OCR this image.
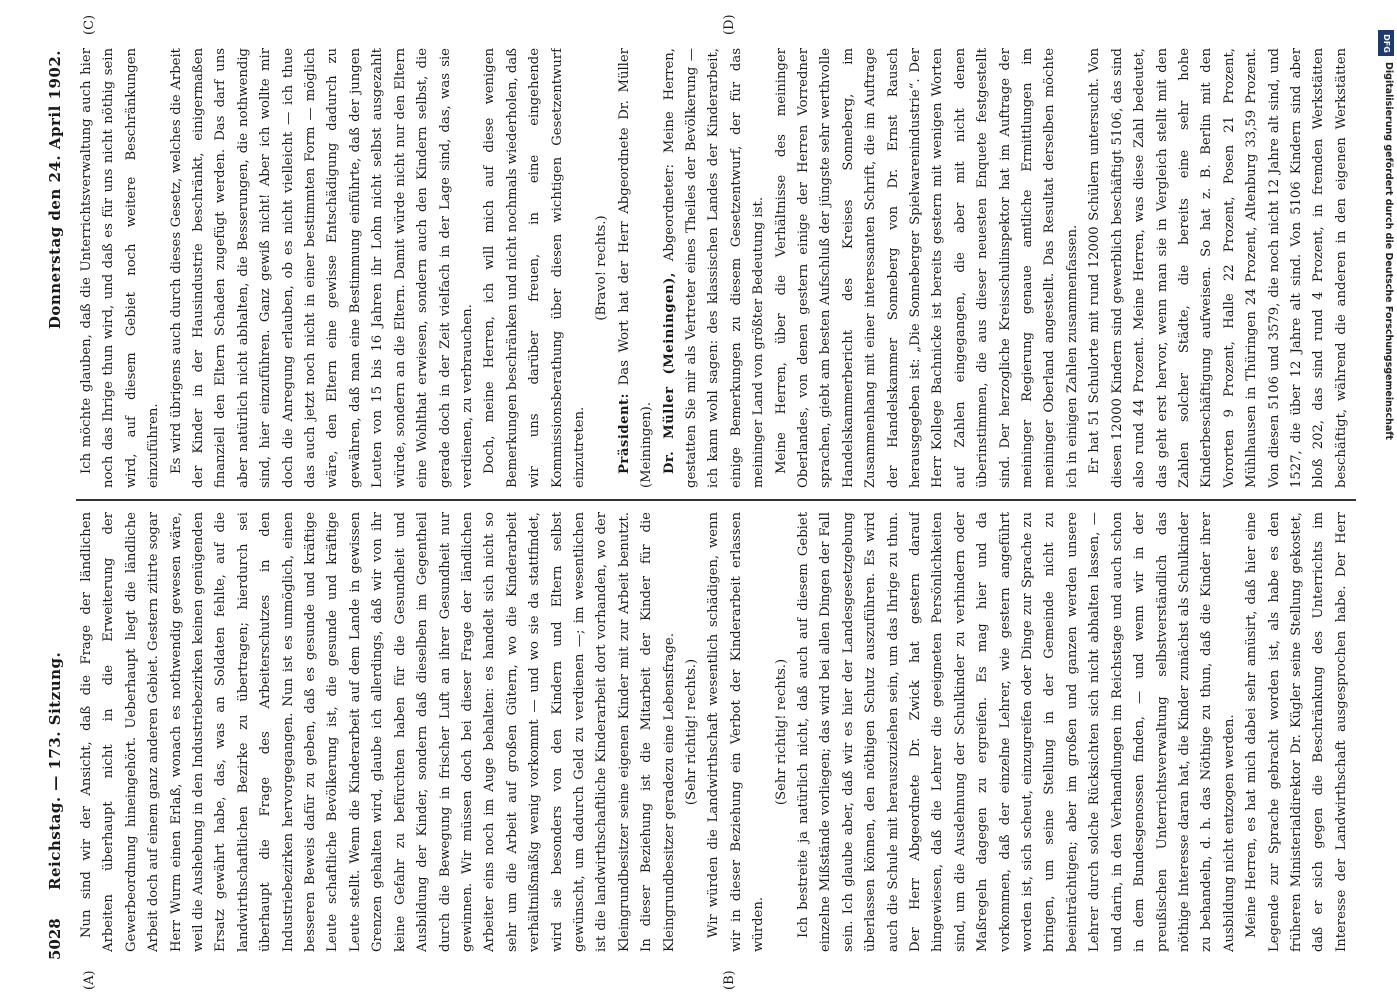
5028
Reichstag. — 173. Sitzung.
Donnerstag den 24. April 1902.
(A)	(B)
(C)	(D)

Nun sind wir der Ansicht, daß die Frage der ländlichen Arbeiten überhaupt nicht in die Erweiterung der Gewerbeordnung hineingehört. Ueberhaupt liegt die ländliche Arbeit doch auf einem ganz anderen Gebiet. Gestern zitirte sogar Herr Wurm einen Erlaß, wonach es nothwendig gewesen wäre, weil die Aushebung in den Industriebezirken keinen genügenden Ersatz gewährt habe, das, was an Soldaten fehlte, auf die landwirthschaftlichen Bezirke zu übertragen; hierdurch sei überhaupt die Frage des Arbeiterschutzes in den Industriebezirken hervorgegangen. Nun ist es unmöglich, einen besseren Beweis dafür zu geben, daß es gesunde und kräftige Leute schaftliche Bevölkerung ist, die gesunde und kräftige Leute stellt. Wenn die Kinderarbeit auf dem Lande in gewissen Grenzen gehalten wird, glaube ich allerdings, daß wir von ihr keine Gefahr zu befürchten haben für die Gesundheit und Ausbildung der Kinder, sondern daß dieselben im Gegentheil durch die Bewegung in frischer Luft an ihrer Gesundheit nur gewinnen. Wir müssen doch bei dieser Frage der ländlichen Arbeiter eins noch im Auge behalten: es handelt sich nicht so sehr um die Arbeit auf großen Gütern, wo die Kinderarbeit verhältnißmäßig wenig vorkommt — und wo sie da stattfindet, wird sie besonders von den Kindern und Eltern selbst gewünscht, um dadurch Geld zu verdienen —; im wesentlichen ist die landwirthschaftliche Kinderarbeit dort vorhanden, wo der Kleingrundbesitzer seine eigenen Kinder mit zur Arbeit benutzt. In dieser Beziehung ist die Mitarbeit der Kinder für die Kleingrundbesitzer geradezu eine Lebensfrage. (Sehr richtig! rechts.) Wir würden die Landwirthschaft wesentlich schädigen, wenn wir in dieser Beziehung ein Verbot der Kinderarbeit erlassen würden.

(Sehr richtig! rechts.) Ich bestreite ja natürlich nicht, daß auch auf diesem Gebiet einzelne Mißstände vorliegen; das wird bei allen Dingen der Fall sein. Ich glaube aber, daß wir es hier der Landesgesetzgebung überlassen können, den nöthigen Schutz auszuführen. Es wird auch die Schule mit herauszuziehen sein, um das Ihrige zu thun. Der Herr Abgeordnete Dr. Zwick hat gestern darauf hingewiesen, daß die Lehrer die geeigneten Persönlichkeiten sind, um die Ausdehnung der Schulkinder zu verhindern oder Maßregeln dagegen zu ergreifen. Es mag hier und da vorkommen, daß der einzelne Lehrer, wie gestern angeführt worden ist, sich scheut, einzugreifen oder Dinge zur Sprache zu bringen, um seine Stellung in der Gemeinde nicht zu beeinträchtigen; aber im großen und ganzen werden unsere Lehrer durch solche Rücksichten sich nicht abhalten lassen, — und darin, in den Verhandlungen im Reichstage und auch schon in dem Bundesgenossen finden, — und wenn wir in der preußischen Unterrichtsverwaltung selbstverständlich das nöthige Interesse daran hat, die Kinder zunächst als Schulkinder zu behandeln, d. h. das Nöthige zu thun, daß die Kinder ihrer Ausbildung nicht entzogen werden. Meine Herren, es hat mich dabei sehr amüsirt, daß hier eine Legende zur Sprache gebracht worden ist, als habe es den früheren Ministerialdirektor Dr. Kügler seine Stellung gekostet, daß er sich gegen die Beschränkung des Unterrichts im Interesse der Landwirthschaft ausgesprochen habe. Der Herr

Ich möchte glauben, daß die Unterrichtsverwaltung auch hier noch das Ihrige thun wird, und daß es für uns nicht nöthig sein wird, auf diesem Gebiet noch weitere Beschränkungen einzuführen. Es wird übrigens auch durch dieses Gesetz, welches die Arbeit der Kinder in der Hausindustrie beschränkt, einigermaßen finanziell den Eltern Schaden zugefügt werden. Das darf uns aber natürlich nicht abhalten, die Besserungen, die nothwendig sind, hier einzuführen. Ganz gewiß nicht! Aber ich wollte mir doch die Anregung erlauben, ob es nicht vielleicht — ich thue das auch jetzt noch nicht in einer bestimmten Form — möglich wäre, den Eltern eine gewisse Entschädigung dadurch zu gewähren, daß man eine Bestimmung einführte, daß der jungen Leuten von 15 bis 16 Jahren ihr Lohn nicht selbst ausgezahlt würde, sondern an die Eltern. Damit würde nicht nur den Eltern eine Wohlthat erwiesen, sondern auch den Kindern selbst, die gerade doch in der Zeit vielfach in der Lage sind, das, was sie verdienen, zu verbrauchen. Doch, meine Herren, ich will mich auf diese wenigen Bemerkungen beschränken und nicht nochmals wiederholen, daß wir uns darüber freuen, in eine eingehende Kommissionsberathung über diesen wichtigen Gesetzentwurf einzutreten.

(Bravo! rechts.)

Präsident: Das Wort hat der Herr Abgeordnete Dr. Müller (Meiningen). Dr. Müller (Meiningen), Abgeordneter: Meine Herren, gestatten Sie mir als Vertreter eines Theiles der Bevölkerung — ich kann wohl sagen: des klassischen Landes der Kinderarbeit, einige Bemerkungen zu diesem Gesetzentwurf, der für das meininger Land von größter Bedeutung ist. Meine Herren, über die Verhältnisse des meininger Oberlandes, von denen gestern einige der Herren Vorredner sprachen, giebt am besten Aufschluß der jüngste sehr werthvolle Handelskammerbericht des Kreises Sonneberg, im Zusammenhang mit einer interessanten Schrift, die im Auftrage der Handelskammer Sonneberg von Dr. Ernst Rausch herausgegeben ist: „Die Sonneberger Spielwarenindustrie“. Der Herr Kollege Bachnicke ist bereits gestern mit wenigen Worten auf Zahlen eingegangen, die aber mit nicht denen überinstimmen, die aus dieser neuesten Enquete festgestellt sind. Der herzogliche Kreisschulinspektor hat im Auftrage der meininger Regierung genaue amtliche Ermittlungen im meininger Oberland angestellt. Das Resultat derselben möchte ich in einigen Zahlen zusammenfassen. Er hat 51 Schulorte mit rund 12000 Schülern untersucht. Von diesen 12000 Kindern sind gewerblich beschäftigt 5106, das sind also rund 44 Prozent. Meine Herren, was diese Zahl bedeutet, das geht erst hervor, wenn man sie in Vergleich stellt mit den Zahlen solcher Städte, die bereits eine sehr hohe Kinderbeschäftigung aufweisen. So hat z. B. Berlin mit den Vororten 9 Prozent, Halle 22 Prozent, Posen 21 Prozent, Mühlhausen in Thüringen 24 Prozent, Altenburg 33,59 Prozent. Von diesen 5106 und 3579, die noch nicht 12 Jahre alt sind, und 1527, die über 12 Jahre alt sind. Von 5106 Kindern sind aber bloß 202, das sind rund 4 Prozent, in fremden Werkstätten beschäftigt, während die anderen in den eigenen Werkstätten

DFG
Digitalisierung gefördert durch die Deutsche Forschungsgemeinschaft
